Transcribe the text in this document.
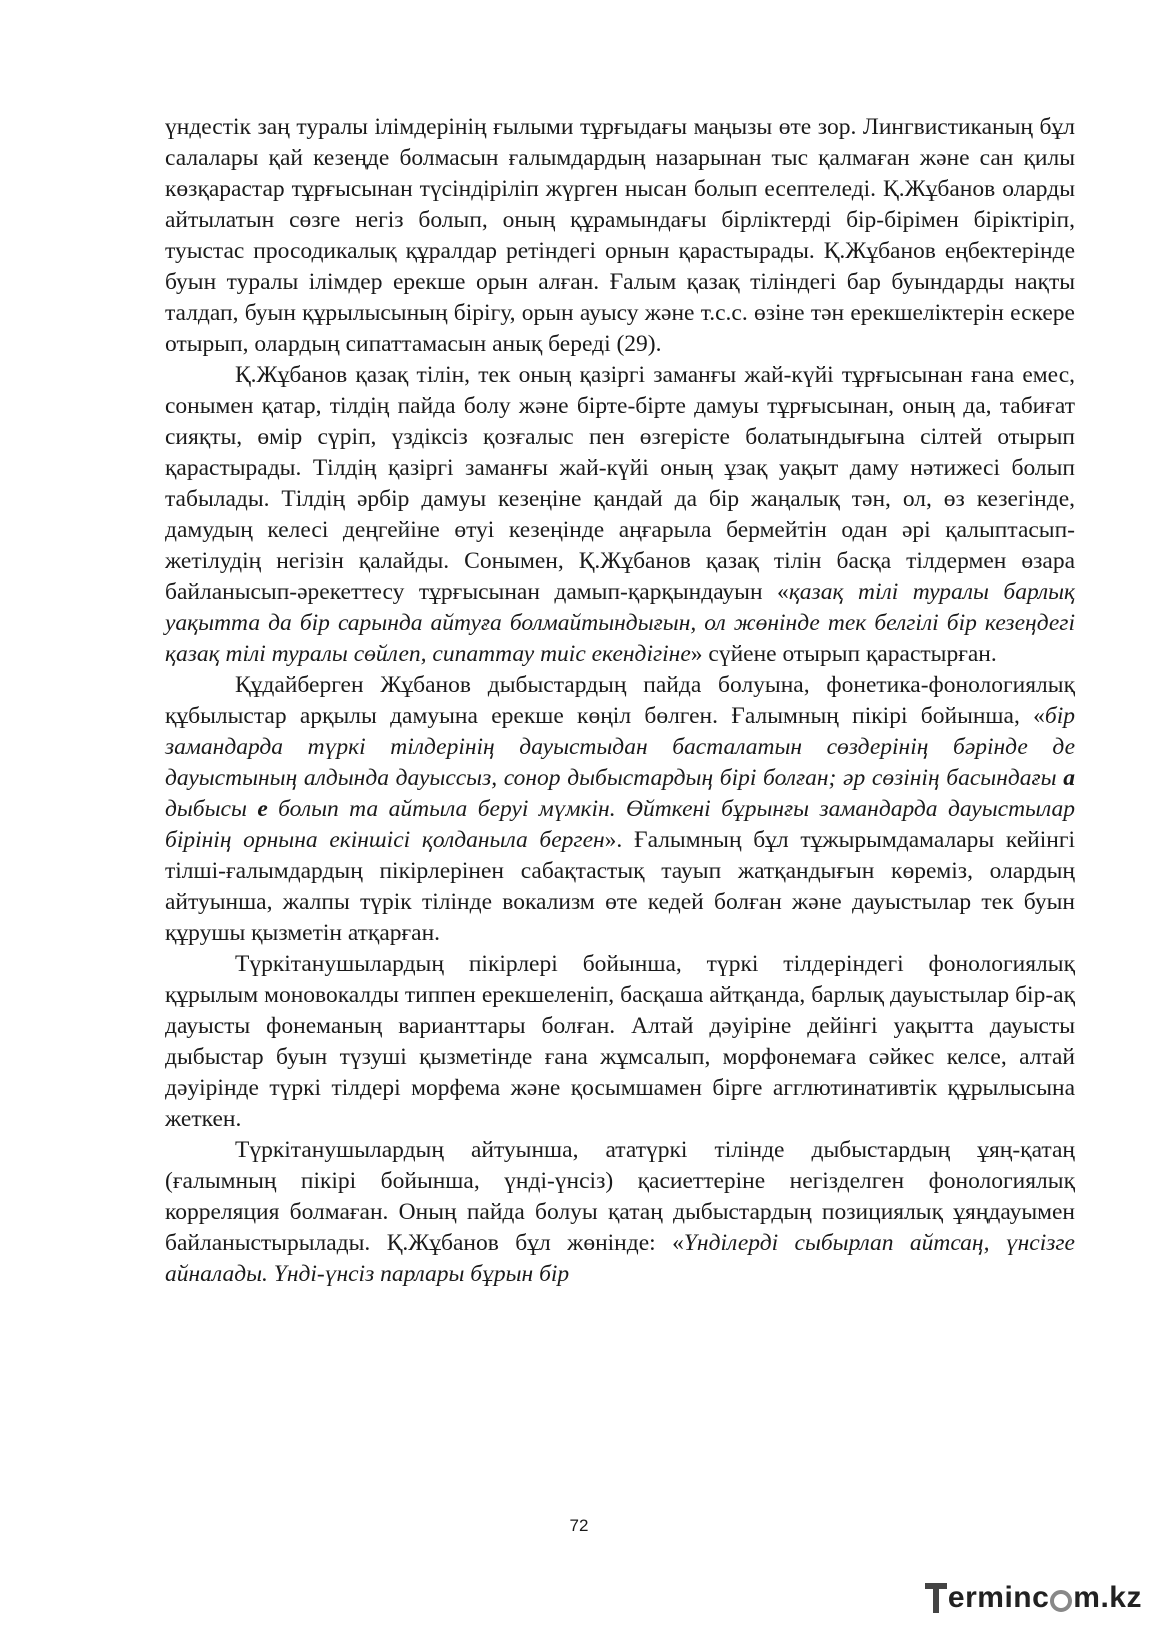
үндестік заң туралы ілімдерінің ғылыми тұрғыдағы маңызы өте зор. Лингвистиканың бұл салалары қай кезеңде болмасын ғалымдардың назарынан тыс қалмаған және сан қилы көзқарастар тұрғысынан түсіндіріліп жүрген нысан болып есептеледі. Қ.Жұбанов оларды айтылатын сөзге негіз болып, оның құрамындағы бірліктерді бір-бірімен біріктіріп, туыстас просодикалық құралдар ретіндегі орнын қарастырады. Қ.Жұбанов еңбектерінде буын туралы ілімдер ерекше орын алған. Ғалым қазақ тіліндегі бар буындарды нақты талдап, буын құрылысының бірігу, орын ауысу және т.с.с. өзіне тән ерекшеліктерін ескере отырып, олардың сипаттамасын анық береді (29).

Қ.Жұбанов қазақ тілін, тек оның қазіргі заманғы жай-күйі тұрғысынан ғана емес, сонымен қатар, тілдің пайда болу және бірте-бірте дамуы тұрғысынан, оның да, табиғат сияқты, өмір сүріп, үздіксіз қозғалыс пен өзгерісте болатындығына сілтей отырып қарастырады. Тілдің қазіргі заманғы жай-күйі оның ұзақ уақыт даму нәтижесі болып табылады. Тілдің әрбір дамуы кезеңіне қандай да бір жаңалық тән, ол, өз кезегінде, дамудың келесі деңгейіне өтуі кезеңінде аңғарыла бермейтін одан әрі қалыптасып-жетілудің негізін қалайды. Сонымен, Қ.Жұбанов қазақ тілін басқа тілдермен өзара байланысып-әрекеттесу тұрғысынан дамып-қарқындауын «қазақ тілі туралы барлық уақытта да бір сарында айтуға болмайтындығын, ол жөнінде тек белгілі бір кезеңдегі қазақ тілі туралы сөйлеп, сипаттау тиіс екендігіне» сүйене отырып қарастырған.

Құдайберген Жұбанов дыбыстардың пайда болуына, фонетика-фонологиялық құбылыстар арқылы дамуына ерекше көңіл бөлген. Ғалымның пікірі бойынша, «бір замандарда түркі тілдерінің дауыстыдан басталатын сөздерінің бәрінде де дауыстының алдында дауыссыз, сонор дыбыстардың бірі болған; әр сөзінің басындағы а дыбысы е болып та айтыла беруі мүмкін. Өйткені бұрынғы замандарда дауыстылар бірінің орнына екіншісі қолданыла берген». Ғалымның бұл тұжырымдамалары кейінгі тілші-ғалымдардың пікірлерінен сабақтастық тауып жатқандығын көреміз, олардың айтуынша, жалпы түрік тілінде вокализм өте кедей болған және дауыстылар тек буын құрушы қызметін атқарған.

Түркітанушылардың пікірлері бойынша, түркі тілдеріндегі фонологиялық құрылым моновокалды типпен ерекшеленіп, басқаша айтқанда, барлық дауыстылар бір-ақ дауысты фонеманың варианттары болған. Алтай дәуіріне дейінгі уақытта дауысты дыбыстар буын түзуші қызметінде ғана жұмсалып, морфонемаға сәйкес келсе, алтай дәуірінде түркі тілдері морфема және қосымшамен бірге агглютинативтік құрылысына жеткен.

Түркітанушылардың айтуынша, ататүркі тілінде дыбыстардың ұяң-қатаң (ғалымның пікірі бойынша, үнді-үнсіз) қасиеттеріне негізделген фонологиялық корреляция болмаған. Оның пайда болуы қатаң дыбыстардың позициялық ұяңдауымен байланыстырылады. Қ.Жұбанов бұл жөнінде: «Үнділерді сыбырлап айтсаң, үнсізге айналады. Үнді-үнсіз парлары бұрын бір

72
erminc m.kz
